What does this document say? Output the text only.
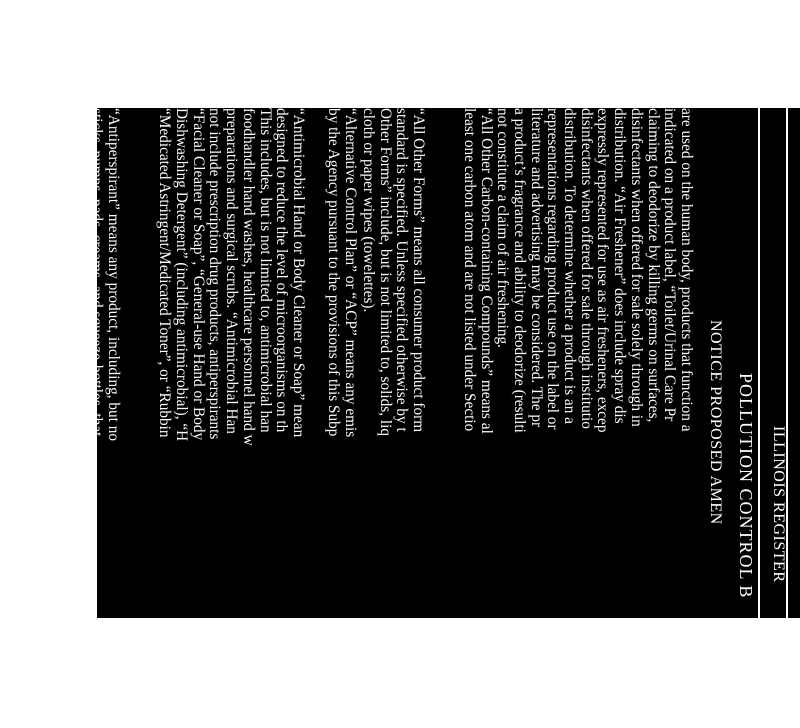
ILLINOIS REGISTER
POLLUTION CONTROL B
NOTICE PROPOSED AMEN
are used on the human body, products that function a
indicated on a product label, “Toilet/Urinal Care Pr
claiming to deodorize by killing germs on surfaces,
disinfectants when offered for sale solely through in
distribution. “Air Freshener” does include spray dis
expressly represented for use as air fresheners, excep
disinfectants when offered for sale through institutio
distribution. To determine whether a product is an a
representations regarding product use on the label or
literature and advertising may be considered. The pr
a product’s fragrance and ability to deodorize (resulti
not constitute a claim of air freshening.
“All Other Carbon-containing Compounds” means al
least one carbon atom and are not listed under Sectio
“All Other Forms” means all consumer product form
standard is specified. Unless specified otherwise by t
Other Forms” include, but is not limited to, solids, liq
cloth or paper wipes (towelettes).
“Alternative Control Plan” or “ACP” means any emis
by the Agency pursuant to the provisions of this Subp
“Antimicrobial Hand or Body Cleaner or Soap” mean
designed to reduce the level of microorganisms on th
This includes, but is not limited to, antimicrobial han
foodhandler hand washes, healthcare personnel hand w
preparations and surgical scrubs. “Antimicrobial Han
not include prescription drug products, antiperspirants
“Facial Cleaner or Soap”, “General-use Hand or Body
Dishwashing Detergent” (including antimicrobial), “H
“Medicated Astringent/Medicated Toner”, or “Rubbin
“Antiperspirant” means any product, including, but no
sticks, pumps, pads, creams, and squeeze-bottles, that
be used to reduce perspiration in the human axilla by a
percent of a target population.
“Anti-Static Product” means a product that is labeled t
